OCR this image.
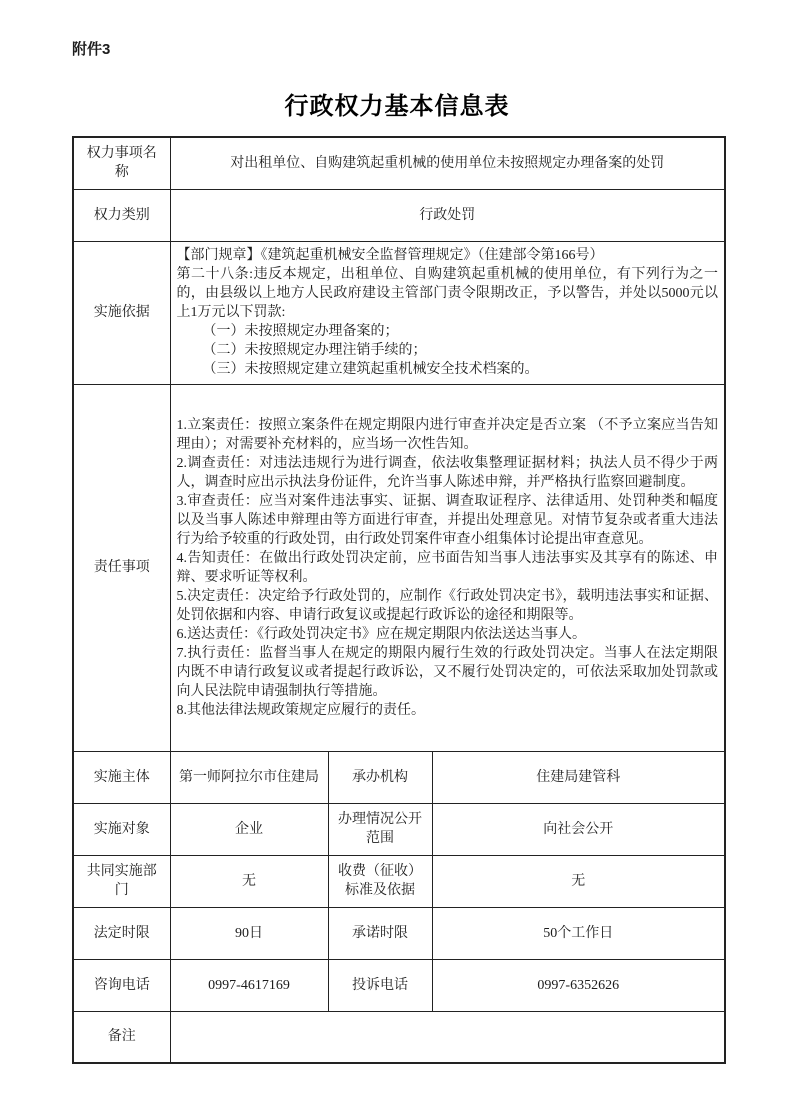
附件3
行政权力基本信息表
权力事项名称	对出租单位、自购建筑起重机械的使用单位未按照规定办理备案的处罚		
权力类别	行政处罚		
实施依据	【部门规章】《建筑起重机械安全监督管理规定》（住建部令第166号）
第二十八条:违反本规定，出租单位、自购建筑起重机械的使用单位，有下列行为之一的，由县级以上地方人民政府建设主管部门责令限期改正，予以警告，并处以5000元以上1万元以下罚款:
（一）未按照规定办理备案的；
（二）未按照规定办理注销手续的；
（三）未按照规定建立建筑起重机械安全技术档案的。		

责任事项	
1.立案责任：按照立案条件在规定期限内进行审查并决定是否立案 （不予立案应当告知理由）；对需要补充材料的，应当场一次性告知。
2.调查责任：对违法违规行为进行调查，依法收集整理证据材料；执法人员不得少于两人，调查时应出示执法身份证件，允许当事人陈述申辩，并严格执行监察回避制度。
3.审查责任：应当对案件违法事实、证据、调查取证程序、法律适用、处罚种类和幅度以及当事人陈述申辩理由等方面进行审查，并提出处理意见。对情节复杂或者重大违法行为给予较重的行政处罚，由行政处罚案件审查小组集体讨论提出审查意见。
4.告知责任：在做出行政处罚决定前，应书面告知当事人违法事实及其享有的陈述、申辩、要求听证等权利。
5.决定责任：决定给予行政处罚的，应制作《行政处罚决定书》，载明违法事实和证据、处罚依据和内容、申请行政复议或提起行政诉讼的途径和期限等。
6.送达责任：《行政处罚决定书》应在规定期限内依法送达当事人。
7.执行责任：监督当事人在规定的期限内履行生效的行政处罚决定。当事人在法定期限内既不申请行政复议或者提起行政诉讼，又不履行处罚决定的，可依法采取加处罚款或向人民法院申请强制执行等措施。
8.其他法律法规政策规定应履行的责任。

实施主体	第一师阿拉尔市住建局	承办机构	住建局建管科
实施对象	企业	办理情况公开范围	向社会公开
共同实施部门	无	收费（征收）标准及依据	无
法定时限	90日	承诺时限	50个工作日
咨询电话	0997-4617169	投诉电话	0997-6352626
备注			
